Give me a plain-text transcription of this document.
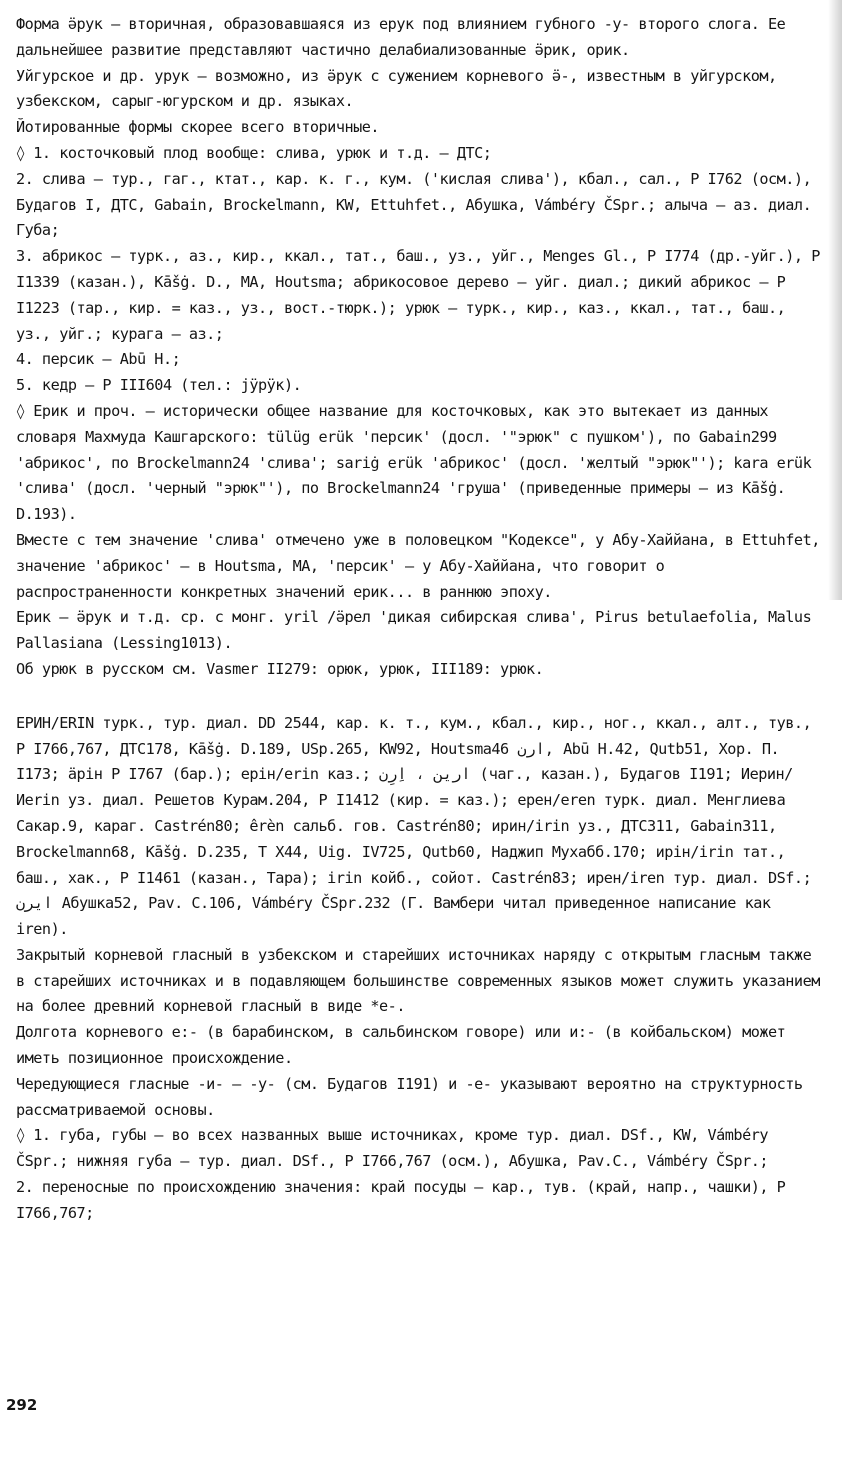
Форма ӛрук – вторичная, образовавшаяся из ерук под влиянием губного -у- второго слога. Ее дальнейшее развитие представляют частично делабиализованные ӛрик, орик.
Уйгурское и др. урук – возможно, из ӛрук с сужением корневого ӛ-, известным в уйгурском, узбекском, сарыг-югурском и др. языках.
Йотированные формы скорее всего вторичные.
◊ 1. косточковый плод вообще: слива, урюк и т.д. – ДТС;
2. слива – тур., гаг., ктат., кар. к. г., кум. ('кислая слива'), кбал., сал., P I762 (осм.), Будагов I, ДТС, Gabain, Brockelmann, KW, Ettuhfet., Абушка, Vámbéry ČSpr.; алыча – аз. диал. Губа;
3. абрикос – турк., аз., кир., ккал., тат., баш., уз., уйг., Menges Gl., P I774 (др.-уйг.), P I1339 (казан.), Kāšġ. D., MA, Houtsma; абрикосовое дерево – уйг. диал.; дикий абрикос – P I1223 (тар., кир. = каз., уз., вост.-тюрк.); урюк – турк., кир., каз., ккал., тат., баш., уз., уйг.; курага – аз.;
4. персик – Abū H.;
5. кедр – P III604 (тел.: јӱрӱк).
◊ Ерик и проч. – исторически общее название для косточковых, как это вытекает из данных словаря Махмуда Кашгарского: tülüg erük 'персик' (досл. '"эрюк" с пушком'), по Gabain299 'абрикос', по Brockelmann24 'слива'; sariġ erük 'абрикос' (досл. 'желтый "эрюк"'); kara erük 'слива' (досл. 'черный "эрюк"'), по Brockelmann24 'груша' (приведенные примеры – из Kāšġ. D.193).
Вместе с тем значение 'слива' отмечено уже в половецком "Кодексе", у Абу-Хаййана, в Ettuhfet, значение 'абрикос' – в Houtsma, MA, 'персик' – у Абу-Хаййана, что говорит о распространенности конкретных значений ерик... в раннюю эпоху.
Ерик – ӛрук и т.д. ср. с монг. yril /ӛрел 'дикая сибирская слива', Pirus betulaefolia, Malus Pallasiana (Lessing1013).
Об урюк в русском см. Vasmer II279: орюк, урюк, III189: урюк.
ЕРИН/ERIN турк., тур. диал. DD 2544, кар. к. т., кум., кбал., кир., ног., ккал., алт., тув., P I766,767, ДТС178, Kāšġ. D.189, USp.265, KW92, Houtsma46 ارن, Abū H.42, Qutb51, Хор. П. I173; ӓрін P I767 (бар.); ерін/erin каз.; ارين ، اِرِن (чаг., казан.), Будагов I191; Иерин/Иerin уз. диал. Решетов Курам.204, P I1412 (кир. = каз.); ерен/eren турк. диал. Менглиева Сакар.9, караг. Castrén80; êrèn сальб. гов. Castrén80; ирин/irin уз., ДТС311, Gabain311, Brockelmann68, Kāšġ. D.235, T X44, Uig. IV725, Qutb60, Наджип Мухабб.170; ирін/irin тат., баш., хак., P I1461 (казан., Тара); irin койб., сойот. Castrén83; ирен/iren тур. диал. DSf.; ايرن Абушка52, Pav. C.106, Vámbéry ČSpr.232 (Г. Вамбери читал приведенное написание как iren).
Закрытый корневой гласный в узбекском и старейших источниках наряду с открытым гласным также в старейших источниках и в подавляющем большинстве современных языков может служить указанием на более древний корневой гласный в виде *е-.
Долгота корневого е:- (в барабинском, в сальбинском говоре) или и:- (в койбальском) может иметь позиционное происхождение.
Чередующиеся гласные -и- – -у- (см. Будагов I191) и -е- указывают вероятно на структурность рассматриваемой основы.
◊ 1. губа, губы – во всех названных выше источниках, кроме тур. диал. DSf., KW, Vámbéry ČSpr.; нижняя губа – тур. диал. DSf., P I766,767 (осм.), Абушка, Pav.C., Vámbéry ČSpr.;
2. переносные по происхождению значения: край посуды – кар., тув. (край, напр., чашки), P I766,767;
292
